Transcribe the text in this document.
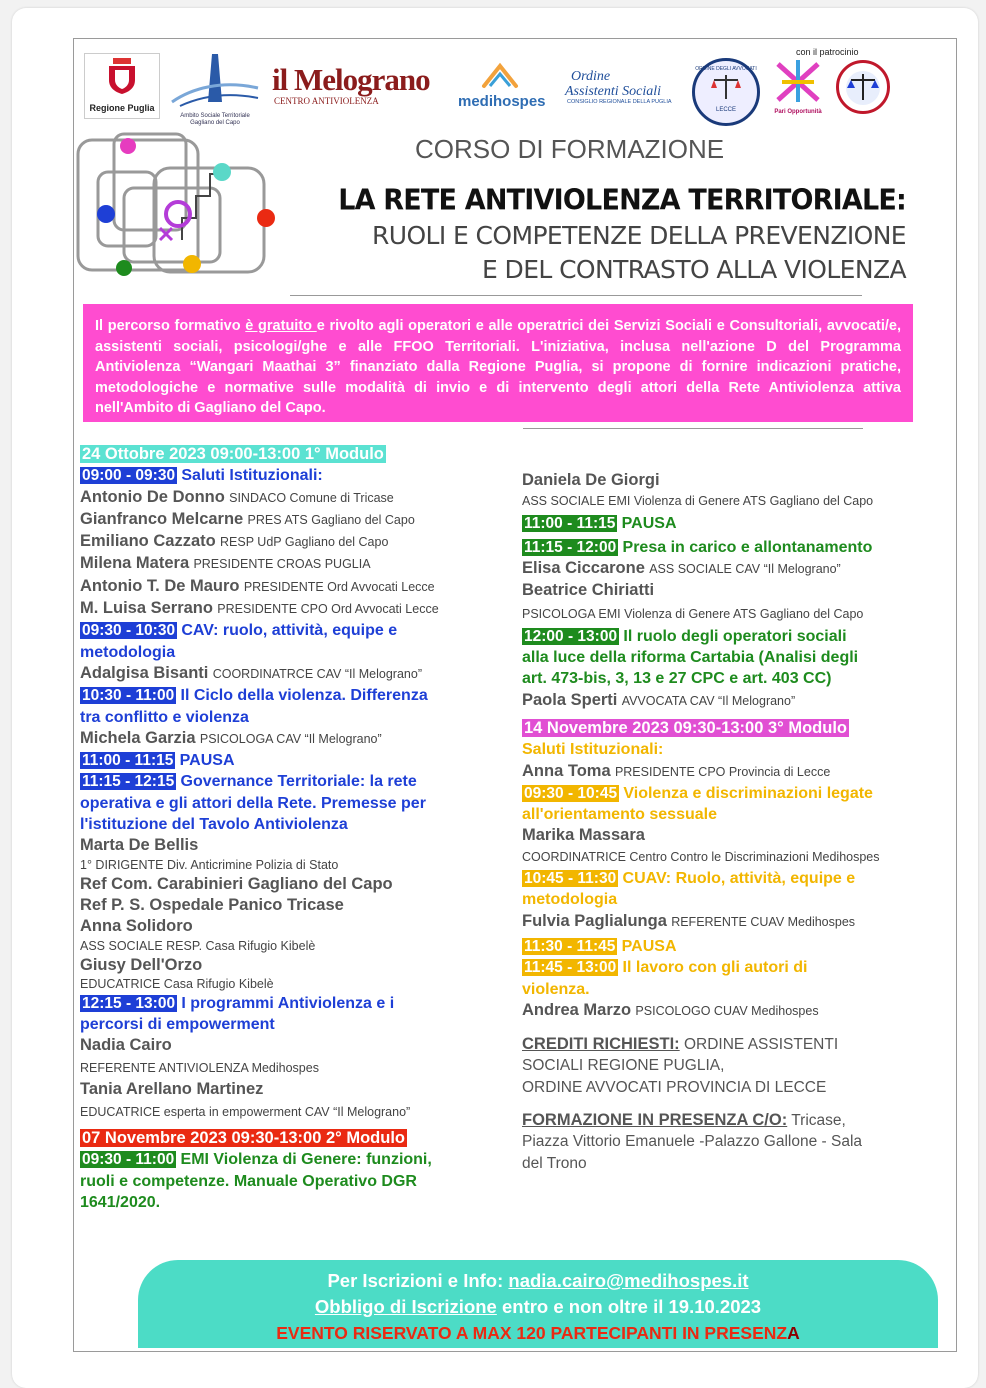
Regione Puglia
Ambito Sociale Territoriale Gagliano del Capo
il Melograno
CENTRO ANTIVIOLENZA	medihospes
Ordine
Assistenti Sociali
CONSIGLIO REGIONALE DELLA PUGLIA
ORDINE DEGLI AVVOCATI
LECCE
con il patrocinio
Pari Opportunità
CORSO DI FORMAZIONE
LA RETE ANTIVIOLENZA TERRITORIALE:
RUOLI E COMPETENZE DELLA PREVENZIONE
E DEL CONTRASTO ALLA VIOLENZA
Il percorso formativo è gratuito e rivolto agli operatori e alle operatrici dei Servizi Sociali e Consultoriali, avvocati/e, assistenti sociali, psicologi/ghe e alle FFOO Territoriali. L'iniziativa, inclusa nell'azione D del Programma Antiviolenza “Wangari Maathai 3” finanziato dalla Regione Puglia, si propone di fornire indicazioni pratiche, metodologiche e normative sulle modalità di invio e di intervento degli attori della Rete Antiviolenza attiva nell'Ambito di Gagliano del Capo.
24 Ottobre 2023 09:00-13:00 1° Modulo
09:00 - 09:30 Saluti Istituzionali:
Antonio De Donno SINDACO Comune di Tricase
Gianfranco Melcarne PRES ATS Gagliano del Capo
Emiliano Cazzato RESP UdP Gagliano del Capo
Milena Matera PRESIDENTE CROAS PUGLIA
Antonio T. De Mauro PRESIDENTE Ord Avvocati Lecce
M. Luisa Serrano PRESIDENTE CPO Ord Avvocati Lecce
09:30 - 10:30 CAV: ruolo, attività, equipe e
metodologia
Adalgisa Bisanti COORDINATRCE CAV “Il Melograno”
10:30 - 11:00 Il Ciclo della violenza. Differenza
tra conflitto e violenza
Michela Garzia PSICOLOGA CAV “Il Melograno”
11:00 - 11:15 PAUSA
11:15 - 12:15 Governance Territoriale: la rete
operativa e gli attori della Rete. Premesse per
l'istituzione del Tavolo Antiviolenza
Marta De Bellis
1° DIRIGENTE Div. Anticrimine Polizia di Stato
Ref Com. Carabinieri Gagliano del Capo
Ref P. S. Ospedale Panico Tricase
Anna Solidoro
ASS SOCIALE RESP. Casa Rifugio Kibelè
Giusy Dell'Orzo
EDUCATRICE Casa Rifugio Kibelè
12:15 - 13:00 I programmi Antiviolenza e i
percorsi di empowerment
Nadia Cairo
REFERENTE ANTIVIOLENZA Medihospes
Tania Arellano Martinez
EDUCATRICE esperta in empowerment CAV “Il Melograno”
07 Novembre 2023 09:30-13:00 2° Modulo
09:30 - 11:00 EMI Violenza di Genere: funzioni,
ruoli e competenze. Manuale Operativo DGR
1641/2020.
Daniela De Giorgi
ASS SOCIALE EMI Violenza di Genere ATS Gagliano del Capo
11:00 - 11:15 PAUSA
11:15 - 12:00 Presa in carico e allontanamento
Elisa Ciccarone ASS SOCIALE CAV “Il Melograno”
Beatrice Chiriatti
PSICOLOGA EMI Violenza di Genere ATS Gagliano del Capo
12:00 - 13:00 Il ruolo degli operatori sociali
alla luce della riforma Cartabia (Analisi degli
art. 473-bis, 3, 13 e 27 CPC e art. 403 CC)
Paola Sperti AVVOCATA CAV “Il Melograno”
14 Novembre 2023 09:30-13:00 3° Modulo
Saluti Istituzionali:
Anna Toma PRESIDENTE CPO Provincia di Lecce
09:30 - 10:45 Violenza e discriminazioni legate
all'orientamento sessuale
Marika Massara
COORDINATRICE Centro Contro le Discriminazioni Medihospes
10:45 - 11:30 CUAV: Ruolo, attività, equipe e
metodologia
Fulvia Paglialunga REFERENTE CUAV Medihospes
11:30 - 11:45 PAUSA
11:45 - 13:00 Il lavoro con gli autori di
violenza.
Andrea Marzo PSICOLOGO CUAV Medihospes
CREDITI RICHIESTI: ORDINE ASSISTENTI
SOCIALI REGIONE PUGLIA,
ORDINE AVVOCATI PROVINCIA DI LECCE
FORMAZIONE IN PRESENZA C/O: Tricase,
Piazza Vittorio Emanuele -Palazzo Gallone - Sala
del Trono
Per Iscrizioni e Info: nadia.cairo@medihospes.it
Obbligo di Iscrizione entro e non oltre il 19.10.2023
EVENTO RISERVATO A MAX 120 PARTECIPANTI IN PRESENZA
